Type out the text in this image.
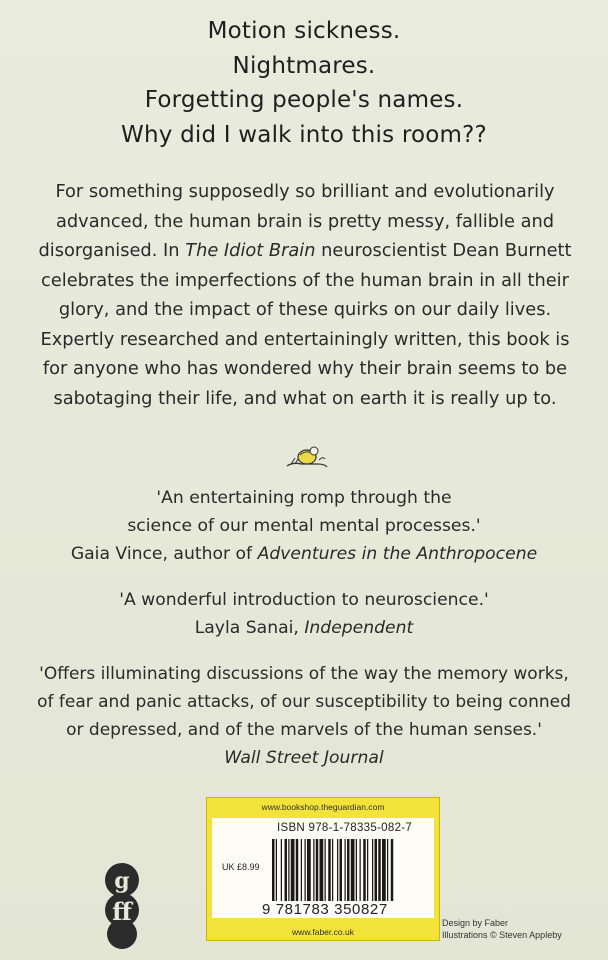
Motion sickness.
Nightmares.
Forgetting people's names.
Why did I walk into this room??
For something supposedly so brilliant and evolutionarily
advanced, the human brain is pretty messy, fallible and
disorganised. In The Idiot Brain neuroscientist Dean Burnett
celebrates the imperfections of the human brain in all their
glory, and the impact of these quirks on our daily lives.
Expertly researched and entertainingly written, this book is
for anyone who has wondered why their brain seems to be
sabotaging their life, and what on earth it is really up to.
'An entertaining romp through the
science of our mental mental processes.'
Gaia Vince, author of Adventures in the Anthropocene
'A wonderful introduction to neuroscience.'
Layla Sanai, Independent
'Offers illuminating discussions of the way the memory works,
of fear and panic attacks, of our susceptibility to being conned
or depressed, and of the marvels of the human senses.'
Wall Street Journal
www.bookshop.theguardian.com
UK £8.99
ISBN 978-1-78335-082-7
9 781783 350827
www.faber.co.uk
g
ff	Design by Faber
Illustrations © Steven Appleby
